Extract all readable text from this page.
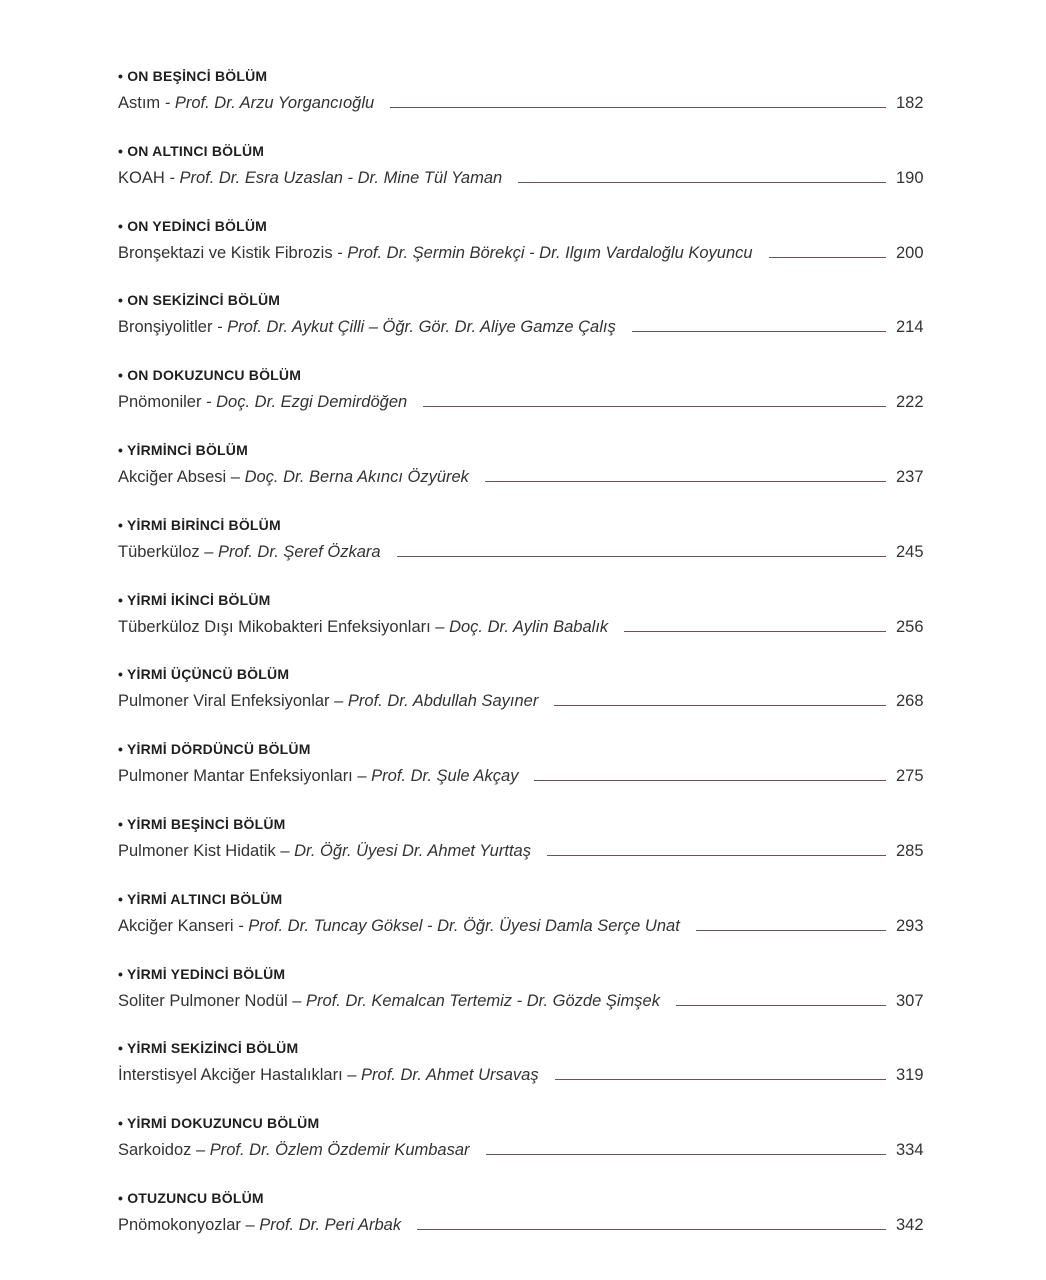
• ON BEŞİNCİ BÖLÜM
Astım - Prof. Dr. Arzu Yorgancıoğlu	182
• ON ALTINCI BÖLÜM
KOAH - Prof. Dr. Esra Uzaslan - Dr. Mine Tül Yaman	190
• ON YEDİNCİ BÖLÜM
Bronşektazi ve Kistik Fibrozis - Prof. Dr. Şermin Börekçi - Dr. Ilgım Vardaloğlu Koyuncu	200
• ON SEKİZİNCİ BÖLÜM
Bronşiyolitler - Prof. Dr. Aykut Çilli – Öğr. Gör. Dr. Aliye Gamze Çalış	214
• ON DOKUZUNCU BÖLÜM
Pnömoniler - Doç. Dr. Ezgi Demirdöğen	222
• YİRMİNCİ BÖLÜM
Akciğer Absesi – Doç. Dr. Berna Akıncı Özyürek	237
• YİRMİ BİRİNCİ BÖLÜM
Tüberküloz – Prof. Dr. Şeref Özkara	245
• YİRMİ İKİNCİ BÖLÜM
Tüberküloz Dışı Mikobakteri Enfeksiyonları – Doç. Dr. Aylin Babalık	256
• YİRMİ ÜÇÜNCÜ BÖLÜM
Pulmoner Viral Enfeksiyonlar – Prof. Dr. Abdullah Sayıner	268
• YİRMİ DÖRDÜNCÜ BÖLÜM
Pulmoner Mantar Enfeksiyonları – Prof. Dr. Şule Akçay	275
• YİRMİ BEŞİNCİ BÖLÜM
Pulmoner Kist Hidatik – Dr. Öğr. Üyesi Dr. Ahmet Yurttaş	285
• YİRMİ ALTINCI BÖLÜM
Akciğer Kanseri - Prof. Dr. Tuncay Göksel - Dr. Öğr. Üyesi Damla Serçe Unat	293
• YİRMİ YEDİNCİ BÖLÜM
Soliter Pulmoner Nodül – Prof. Dr. Kemalcan Tertemiz - Dr. Gözde Şimşek	307
• YİRMİ SEKİZİNCİ BÖLÜM
İnterstisyel Akciğer Hastalıkları – Prof. Dr. Ahmet Ursavaş	319
• YİRMİ DOKUZUNCU BÖLÜM
Sarkoidoz – Prof. Dr. Özlem Özdemir Kumbasar	334
• OTUZUNCU BÖLÜM
Pnömokonyozlar – Prof. Dr. Peri Arbak	342
